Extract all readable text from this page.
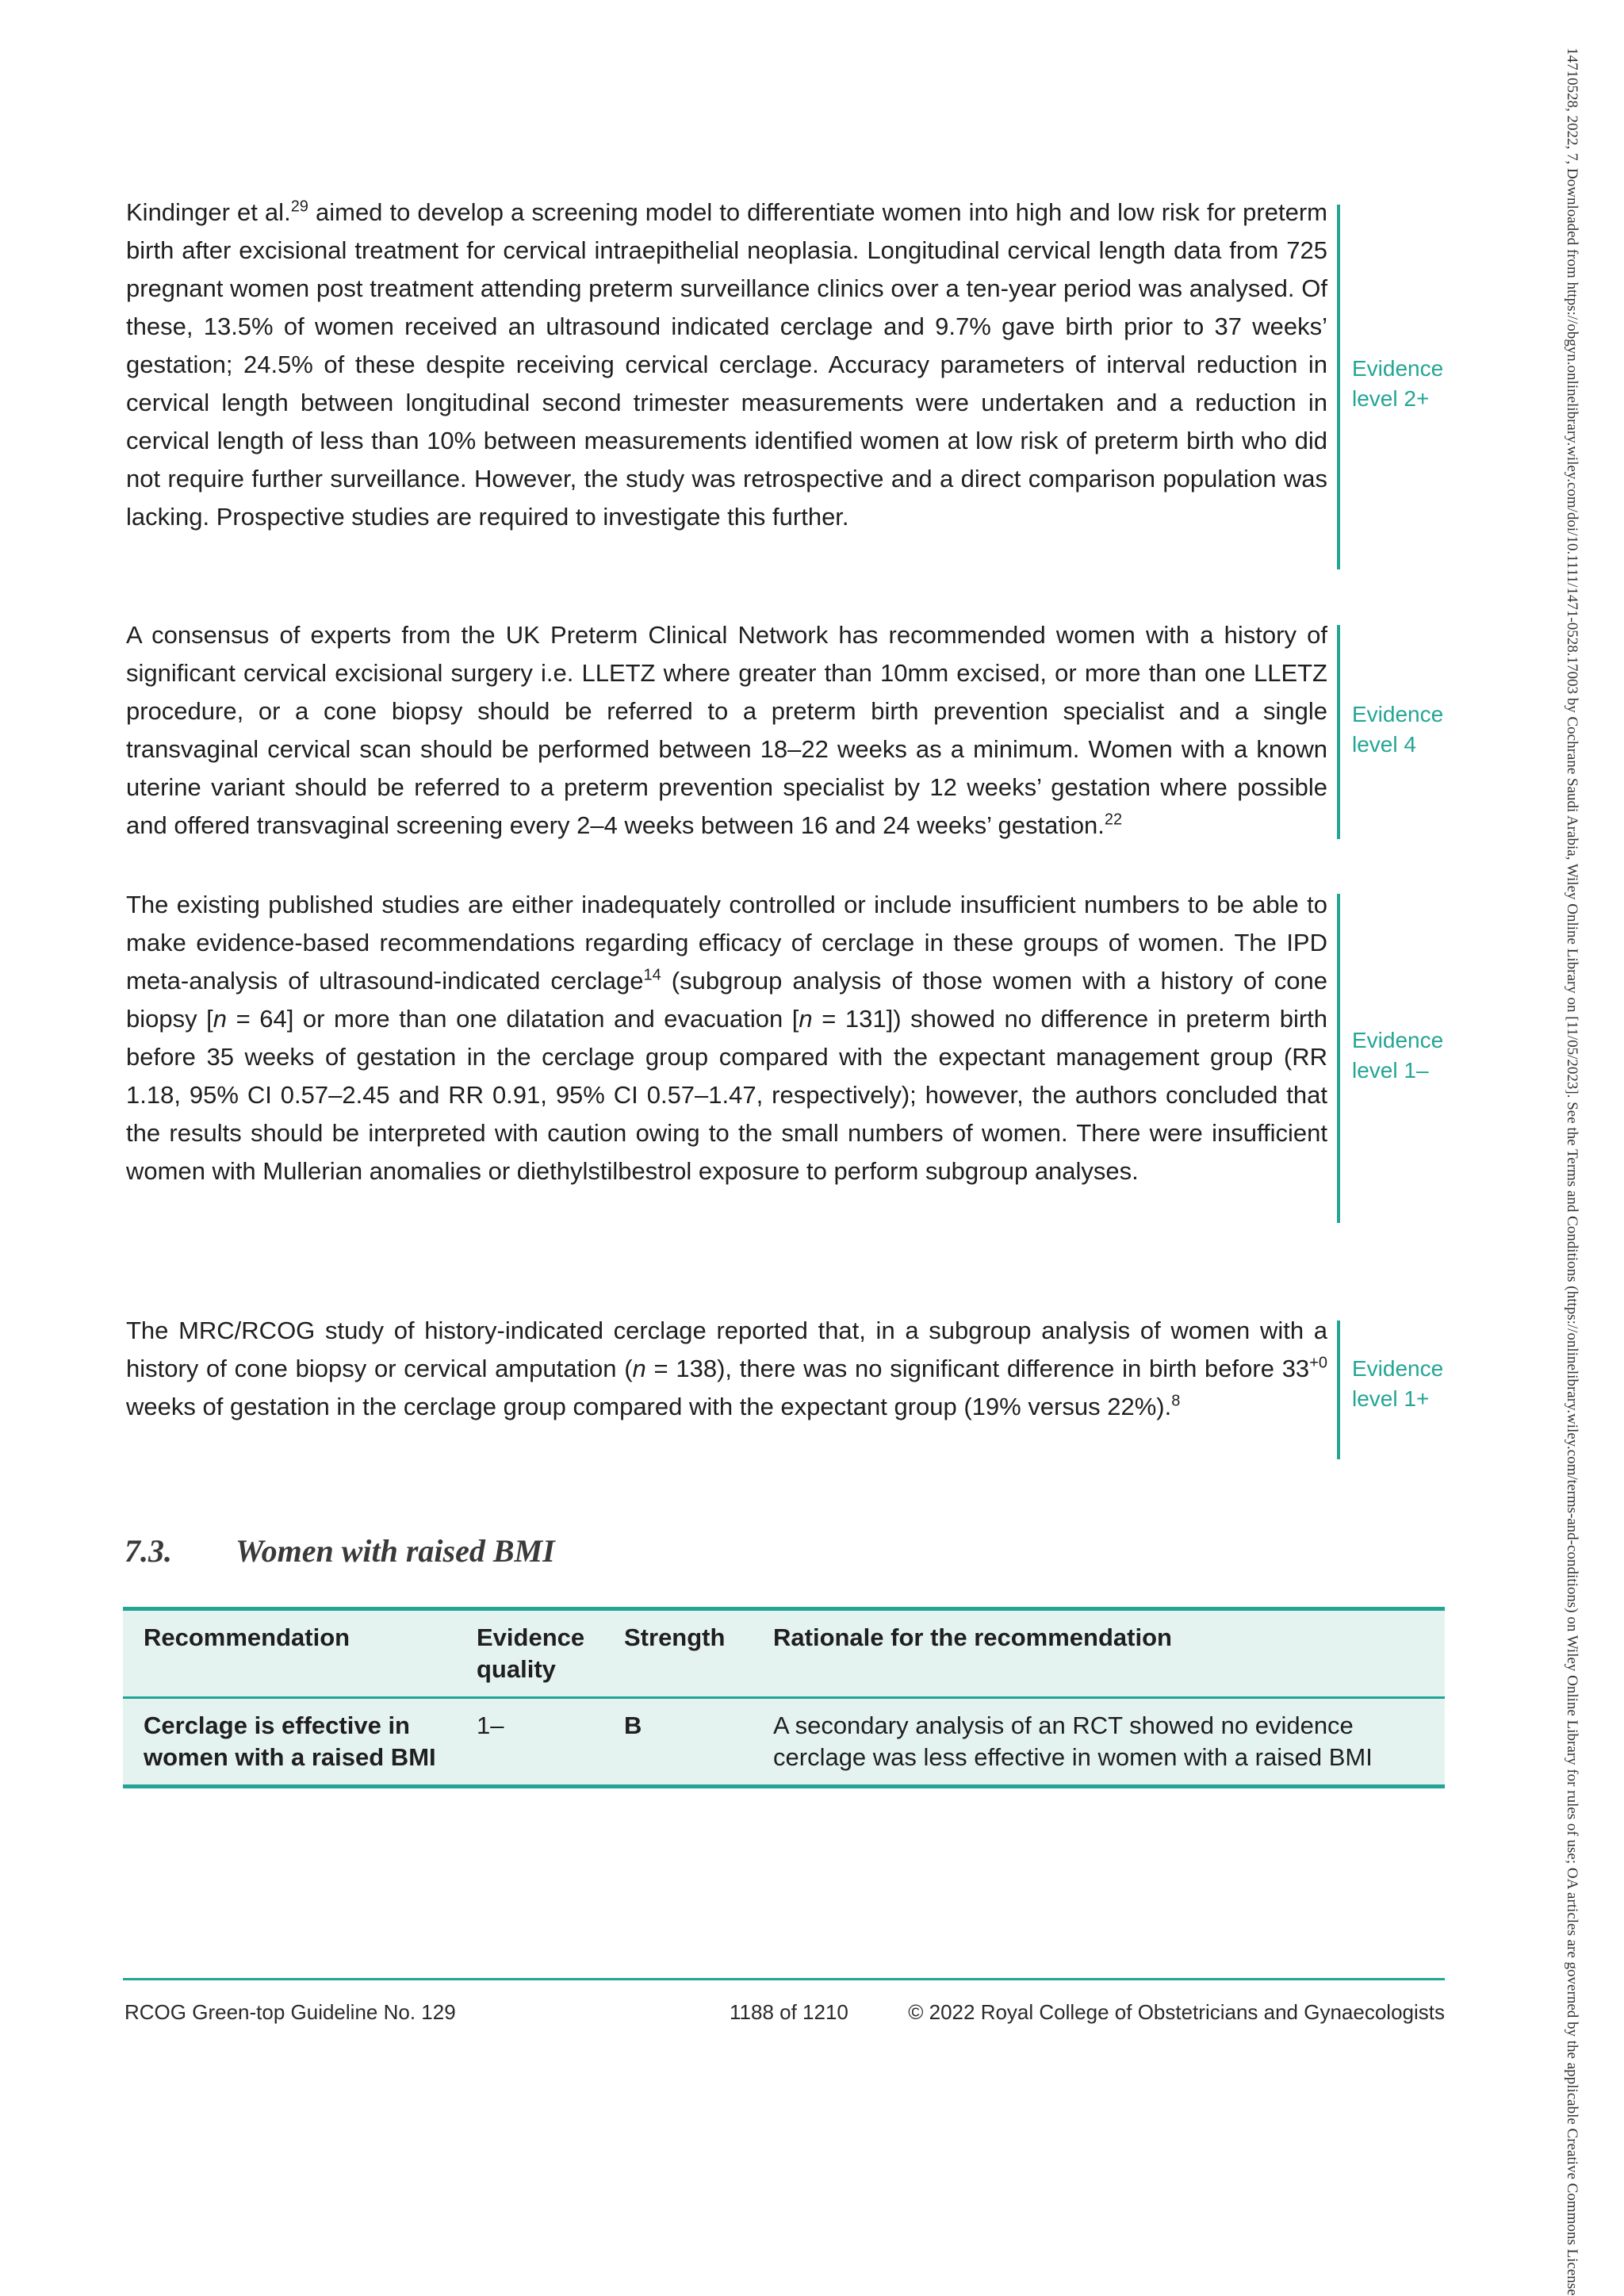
Kindinger et al.$^{29}$ aimed to develop a screening model to differentiate women into high and low risk for preterm birth after excisional treatment for cervical intraepithelial neoplasia. Longitudinal cervical length data from 725 pregnant women post treatment attending preterm surveillance clinics over a ten-year period was analysed. Of these, 13.5% of women received an ultrasound indicated cerclage and 9.7% gave birth prior to 37 weeks’ gestation; 24.5% of these despite receiving cervical cerclage. Accuracy parameters of interval reduction in cervical length between longitudinal second trimester measurements were undertaken and a reduction in cervical length of less than 10% between measurements identified women at low risk of preterm birth who did not require further surveillance. However, the study was retrospective and a direct comparison population was lacking. Prospective studies are required to investigate this further.

Evidence
level 2+

A consensus of experts from the UK Preterm Clinical Network has recommended women with a history of significant cervical excisional surgery i.e. LLETZ where greater than 10mm excised, or more than one LLETZ procedure, or a cone biopsy should be referred to a preterm birth prevention specialist and a single transvaginal cervical scan should be performed between 18–22 weeks as a minimum. Women with a known uterine variant should be referred to a preterm prevention specialist by 12 weeks’ gestation where possible and offered transvaginal screening every 2–4 weeks between 16 and 24 weeks’ gestation.$^{22}$

Evidence
level 4

The existing published studies are either inadequately controlled or include insufficient numbers to be able to make evidence-based recommendations regarding efficacy of cerclage in these groups of women. The IPD meta-analysis of ultrasound-indicated cerclage$^{14}$ (subgroup analysis of those women with a history of cone biopsy [n = 64] or more than one dilatation and evacuation [n = 131]) showed no difference in preterm birth before 35 weeks of gestation in the cerclage group compared with the expectant management group (RR 1.18, 95% CI 0.57–2.45 and RR 0.91, 95% CI 0.57–1.47, respectively); however, the authors concluded that the results should be interpreted with caution owing to the small numbers of women. There were insufficient women with Mullerian anomalies or diethylstilbestrol exposure to perform subgroup analyses.

Evidence
level 1–

The MRC/RCOG study of history-indicated cerclage reported that, in a subgroup analysis of women with a history of cone biopsy or cervical amputation (n = 138), there was no significant difference in birth before $33^{+0}$ weeks of gestation in the cerclage group compared with the expectant group (19% versus 22%).$^8$

Evidence
level 1+
7.3. Women with raised BMI
Recommendation	Evidence quality	Strength	Rationale for the recommendation
Cerclage is effective in women with a raised BMI	1–	B	A secondary analysis of an RCT showed no evidence cerclage was less effective in women with a raised BMI
RCOG Green-top Guideline No. 129	1188 of 1210	© 2022 Royal College of Obstetricians and Gynaecologists	14710528, 2022, 7, Downloaded from https://obgyn.onlinelibrary.wiley.com/doi/10.1111/1471-0528.17003 by Cochrane Saudi Arabia, Wiley Online Library on [11/05/2023]. See the Terms and Conditions (https://onlinelibrary.wiley.com/terms-and-conditions) on Wiley Online Library for rules of use; OA articles are governed by the applicable Creative Commons License
